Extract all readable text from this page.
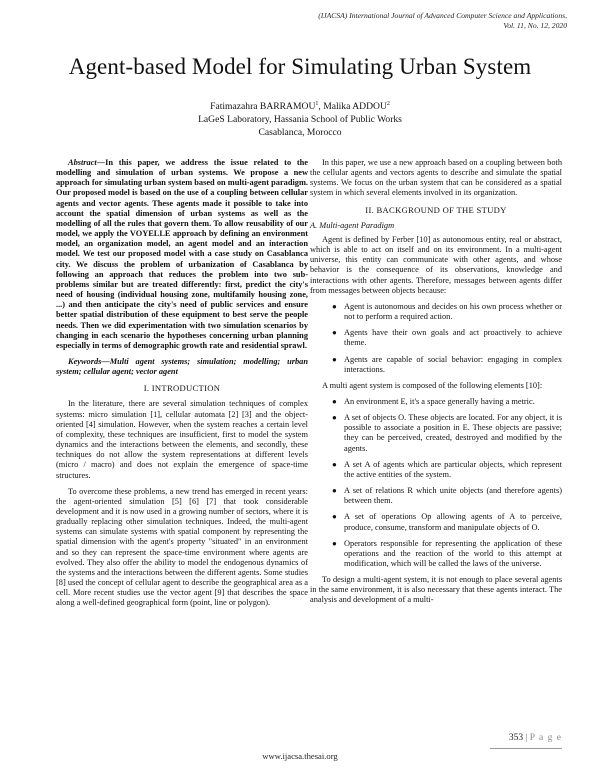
(IJACSA) International Journal of Advanced Computer Science and Applications,
Vol. 11, No. 12, 2020
Agent-based Model for Simulating Urban System
Fatimazahra BARRAMOU$^1$, Malika ADDOU$^2$
LaGeS Laboratory, Hassania School of Public Works
Casablanca, Morocco

Abstract—In this paper, we address the issue related to the modelling and simulation of urban systems. We propose a new approach for simulating urban system based on multi-agent paradigm. Our proposed model is based on the use of a coupling between cellular agents and vector agents. These agents made it possible to take into account the spatial dimension of urban systems as well as the modelling of all the rules that govern them. To allow reusability of our model, we apply the VOYELLE approach by defining an environment model, an organization model, an agent model and an interaction model. We test our proposed model with a case study on Casablanca city. We discuss the problem of urbanization of Casablanca by following an approach that reduces the problem into two sub-problems similar but are treated differently: first, predict the city's need of housing (individual housing zone, multifamily housing zone, ...) and then anticipate the city's need of public services and ensure better spatial distribution of these equipment to best serve the people needs. Then we did experimentation with two simulation scenarios by changing in each scenario the hypotheses concerning urban planning especially in terms of demographic growth rate and residential sprawl.

Keywords—Multi agent systems; simulation; modelling; urban system; cellular agent; vector agent

I. INTRODUCTION

In the literature, there are several simulation techniques of complex systems: micro simulation [1], cellular automata [2] [3] and the object-oriented [4] simulation. However, when the system reaches a certain level of complexity, these techniques are insufficient, first to model the system dynamics and the interactions between the elements, and secondly, these techniques do not allow the system representations at different levels (micro / macro) and does not explain the emergence of space-time structures.

To overcome these problems, a new trend has emerged in recent years: the agent-oriented simulation [5] [6] [7] that took considerable development and it is now used in a growing number of sectors, where it is gradually replacing other simulation techniques. Indeed, the multi-agent systems can simulate systems with spatial component by representing the spatial dimension with the agent's property "situated" in an environment and so they can represent the space-time environment where agents are evolved. They also offer the ability to model the endogenous dynamics of the systems and the interactions between the different agents. Some studies [8] used the concept of cellular agent to describe the geographical area as a cell. More recent studies use the vector agent [9] that describes the space along a well-defined geographical form (point, line or polygon).

In this paper, we use a new approach based on a coupling between both the cellular agents and vectors agents to describe and simulate the spatial systems. We focus on the urban system that can be considered as a spatial system in which several elements involved in its organization.

II. BACKGROUND OF THE STUDY
A. Multi-agent Paradigm

Agent is defined by Ferber [10] as autonomous entity, real or abstract, which is able to act on itself and on its environment. In a multi-agent universe, this entity can communicate with other agents, and whose behavior is the consequence of its observations, knowledge and interactions with other agents. Therefore, messages between agents differ from messages between objects because:

● Agent is autonomous and decides on his own process whether or not to perform a required action.
● Agents have their own goals and act proactively to achieve theme.
● Agents are capable of social behavior: engaging in complex interactions.

A multi agent system is composed of the following elements [10]:

● An environment E, it's a space generally having a metric.
● A set of objects O. These objects are located. For any object, it is possible to associate a position in E. These objects are passive; they can be perceived, created, destroyed and modified by the agents.
● A set A of agents which are particular objects, which represent the active entities of the system.
● A set of relations R which unite objects (and therefore agents) between them.
● A set of operations Op allowing agents of A to perceive, produce, consume, transform and manipulate objects of O.
● Operators responsible for representing the application of these operations and the reaction of the world to this attempt at modification, which will be called the laws of the universe.

To design a multi-agent system, it is not enough to place several agents in the same environment, it is also necessary that these agents interact. The analysis and development of a multi-

353 | P a g e
www.ijacsa.thesai.org
